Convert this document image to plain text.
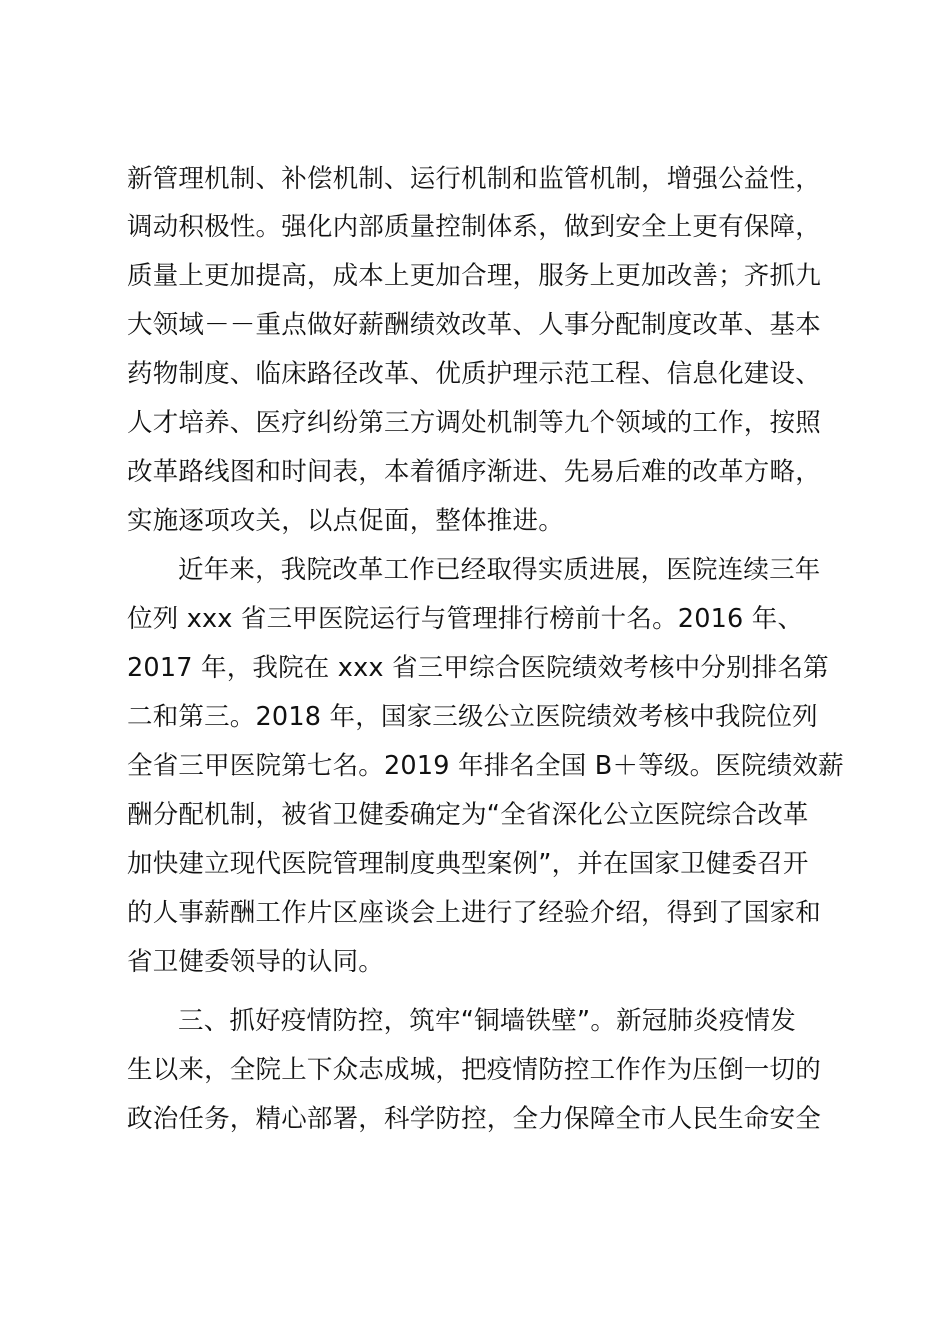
新管理机制、补偿机制、运行机制和监管机制，增强公益性，
调动积极性。强化内部质量控制体系，做到安全上更有保障，
质量上更加提高，成本上更加合理，服务上更加改善；齐抓九
大领域－－重点做好薪酬绩效改革、人事分配制度改革、基本
药物制度、临床路径改革、优质护理示范工程、信息化建设、
人才培养、医疗纠纷第三方调处机制等九个领域的工作，按照
改革路线图和时间表，本着循序渐进、先易后难的改革方略，
实施逐项攻关，以点促面，整体推进。
近年来，我院改革工作已经取得实质进展，医院连续三年
位列 xxx 省三甲医院运行与管理排行榜前十名。2016 年、
2017 年，我院在 xxx 省三甲综合医院绩效考核中分别排名第
二和第三。2018 年，国家三级公立医院绩效考核中我院位列
全省三甲医院第七名。2019 年排名全国 B＋等级。医院绩效薪
酬分配机制，被省卫健委确定为“全省深化公立医院综合改革
加快建立现代医院管理制度典型案例”，并在国家卫健委召开
的人事薪酬工作片区座谈会上进行了经验介绍，得到了国家和
省卫健委领导的认同。
三、抓好疫情防控，筑牢“铜墙铁壁”。新冠肺炎疫情发
生以来，全院上下众志成城，把疫情防控工作作为压倒一切的
政治任务，精心部署，科学防控，全力保障全市人民生命安全
